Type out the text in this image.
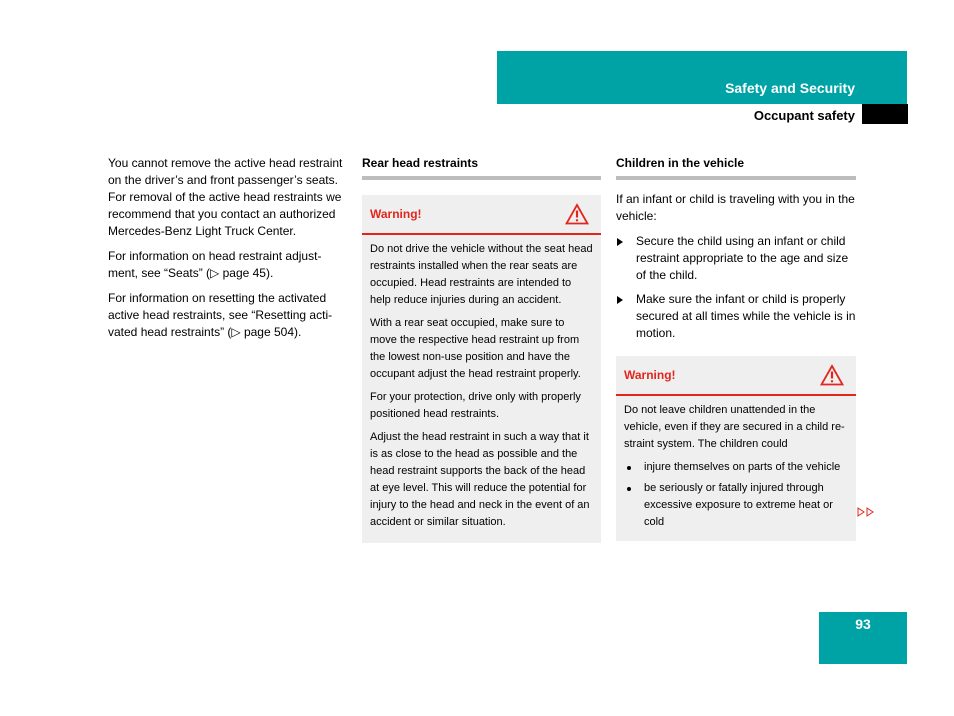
Safety and Security
Occupant safety

You cannot remove the active head restraint on the driver’s and front passenger’s seats.

For removal of the active head restraints we recommend that you contact an authorized Mercedes-Benz Light Truck Center.

For information on head restraint adjust-ment, see “Seats” (▷ page 45).

For information on resetting the activated active head restraints, see “Resetting acti-vated head restraints” (▷ page 504).

Rear head restraints
Warning!

Do not drive the vehicle without the seat head restraints installed when the rear seats are occupied. Head restraints are intended to help reduce injuries during an accident.

With a rear seat occupied, make sure to move the respective head restraint up from the lowest non-use position and have the occupant adjust the head restraint properly.

For your protection, drive only with properly positioned head restraints.

Adjust the head restraint in such a way that it is as close to the head as possible and the head restraint supports the back of the head at eye level. This will reduce the potential for injury to the head and neck in the event of an accident or similar situation.

Children in the vehicle

If an infant or child is traveling with you in the vehicle:

Secure the child using an infant or child restraint appropriate to the age and size of the child.
Make sure the infant or child is properly secured at all times while the vehicle is in motion.
Warning!

Do not leave children unattended in the vehicle, even if they are secured in a child re-straint system. The children could

injure themselves on parts of the vehicle
be seriously or fatally injured through excessive exposure to extreme heat or cold
93
